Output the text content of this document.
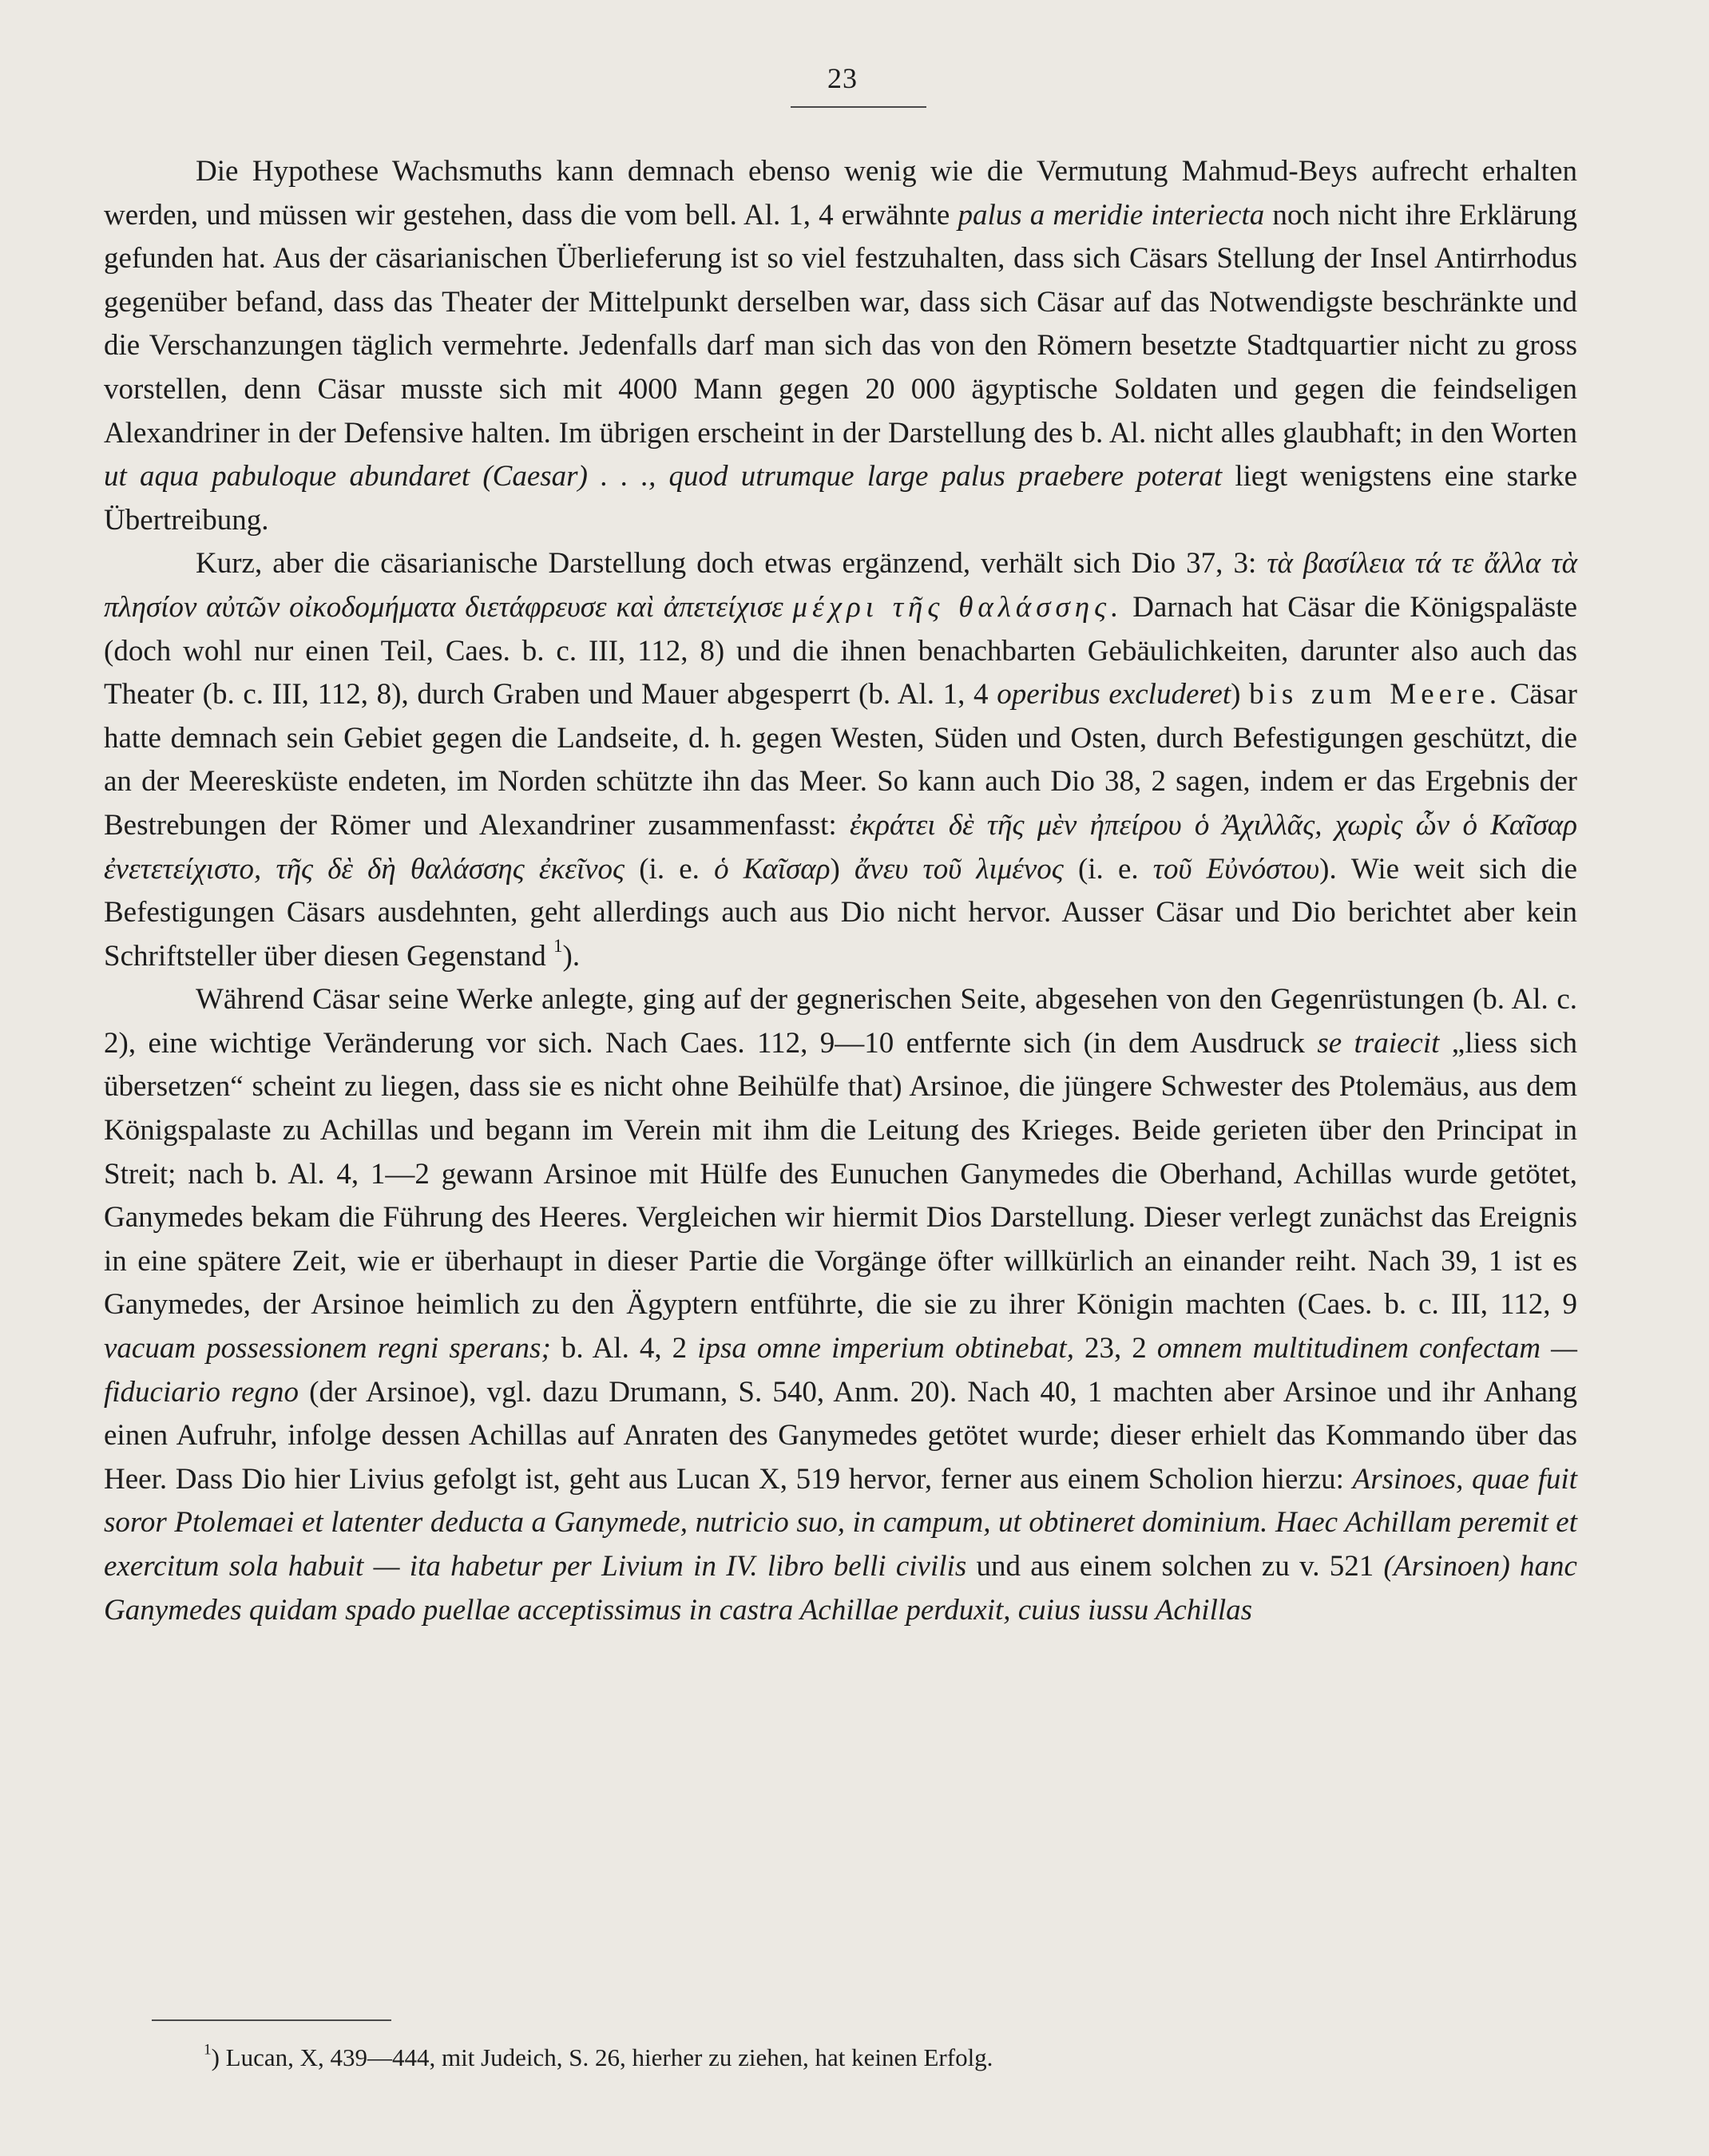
23

Die Hypothese Wachsmuths kann demnach ebenso wenig wie die Vermutung Mahmud-Beys aufrecht erhalten werden, und müssen wir gestehen, dass die vom bell. Al. 1, 4 erwähnte palus a meridie interiecta noch nicht ihre Erklärung gefunden hat. Aus der cäsarianischen Überlieferung ist so viel festzuhalten, dass sich Cäsars Stellung der Insel Antirrhodus gegenüber befand, dass das Theater der Mittelpunkt derselben war, dass sich Cäsar auf das Notwendigste beschränkte und die Verschanzungen täglich vermehrte. Jedenfalls darf man sich das von den Römern besetzte Stadtquartier nicht zu gross vorstellen, denn Cäsar musste sich mit 4000 Mann gegen 20 000 ägyptische Soldaten und gegen die feindseligen Alexandriner in der Defensive halten. Im übrigen erscheint in der Darstellung des b. Al. nicht alles glaubhaft; in den Worten ut aqua pabuloque abundaret (Caesar) . . ., quod utrumque large palus praebere poterat liegt wenigstens eine starke Übertreibung.

Kurz, aber die cäsarianische Darstellung doch etwas ergänzend, verhält sich Dio 37, 3: τὰ βασίλεια τά τε ἄλλα τὰ πλησίον αὐτῶν οἰκοδομήματα διετάφρευσε καὶ ἀπετείχισε μέχρι τῆς θαλάσσης. Darnach hat Cäsar die Königspaläste (doch wohl nur einen Teil, Caes. b. c. III, 112, 8) und die ihnen benachbarten Gebäulichkeiten, darunter also auch das Theater (b. c. III, 112, 8), durch Graben und Mauer abgesperrt (b. Al. 1, 4 operibus excluderet) bis zum Meere. Cäsar hatte demnach sein Gebiet gegen die Landseite, d. h. gegen Westen, Süden und Osten, durch Befestigungen geschützt, die an der Meeresküste endeten, im Norden schützte ihn das Meer. So kann auch Dio 38, 2 sagen, indem er das Ergebnis der Bestrebungen der Römer und Alexandriner zusammenfasst: ἐκράτει δὲ τῆς μὲν ἠπείρου ὁ Ἀχιλλᾶς, χωρὶς ὧν ὁ Καῖσαρ ἐνετετείχιστο, τῆς δὲ δὴ θαλάσσης ἐκεῖνος (i. e. ὁ Καῖσαρ) ἄνευ τοῦ λιμένος (i. e. τοῦ Εὐνόστου). Wie weit sich die Befestigungen Cäsars ausdehnten, geht allerdings auch aus Dio nicht hervor. Ausser Cäsar und Dio berichtet aber kein Schriftsteller über diesen Gegenstand $^1$).

Während Cäsar seine Werke anlegte, ging auf der gegnerischen Seite, abgesehen von den Gegenrüstungen (b. Al. c. 2), eine wichtige Veränderung vor sich. Nach Caes. 112, 9—10 entfernte sich (in dem Ausdruck se traiecit „liess sich übersetzen“ scheint zu liegen, dass sie es nicht ohne Beihülfe that) Arsinoe, die jüngere Schwester des Ptolemäus, aus dem Königspalaste zu Achillas und begann im Verein mit ihm die Leitung des Krieges. Beide gerieten über den Principat in Streit; nach b. Al. 4, 1—2 gewann Arsinoe mit Hülfe des Eunuchen Ganymedes die Oberhand, Achillas wurde getötet, Ganymedes bekam die Führung des Heeres. Vergleichen wir hiermit Dios Darstellung. Dieser verlegt zunächst das Ereignis in eine spätere Zeit, wie er überhaupt in dieser Partie die Vorgänge öfter willkürlich an einander reiht. Nach 39, 1 ist es Ganymedes, der Arsinoe heimlich zu den Ägyptern entführte, die sie zu ihrer Königin machten (Caes. b. c. III, 112, 9 vacuam possessionem regni sperans; b. Al. 4, 2 ipsa omne imperium obtinebat, 23, 2 omnem multitudinem confectam — fiduciario regno (der Arsinoe), vgl. dazu Drumann, S. 540, Anm. 20). Nach 40, 1 machten aber Arsinoe und ihr Anhang einen Aufruhr, infolge dessen Achillas auf Anraten des Ganymedes getötet wurde; dieser erhielt das Kommando über das Heer. Dass Dio hier Livius gefolgt ist, geht aus Lucan X, 519 hervor, ferner aus einem Scholion hierzu: Arsinoes, quae fuit soror Ptolemaei et latenter deducta a Ganymede, nutricio suo, in campum, ut obtineret dominium. Haec Achillam peremit et exercitum sola habuit — ita habetur per Livium in IV. libro belli civilis und aus einem solchen zu v. 521 (Arsinoen) hanc Ganymedes quidam spado puellae acceptissimus in castra Achillae perduxit, cuius iussu Achillas

$^1$) Lucan, X, 439—444, mit Judeich, S. 26, hierher zu ziehen, hat keinen Erfolg.
